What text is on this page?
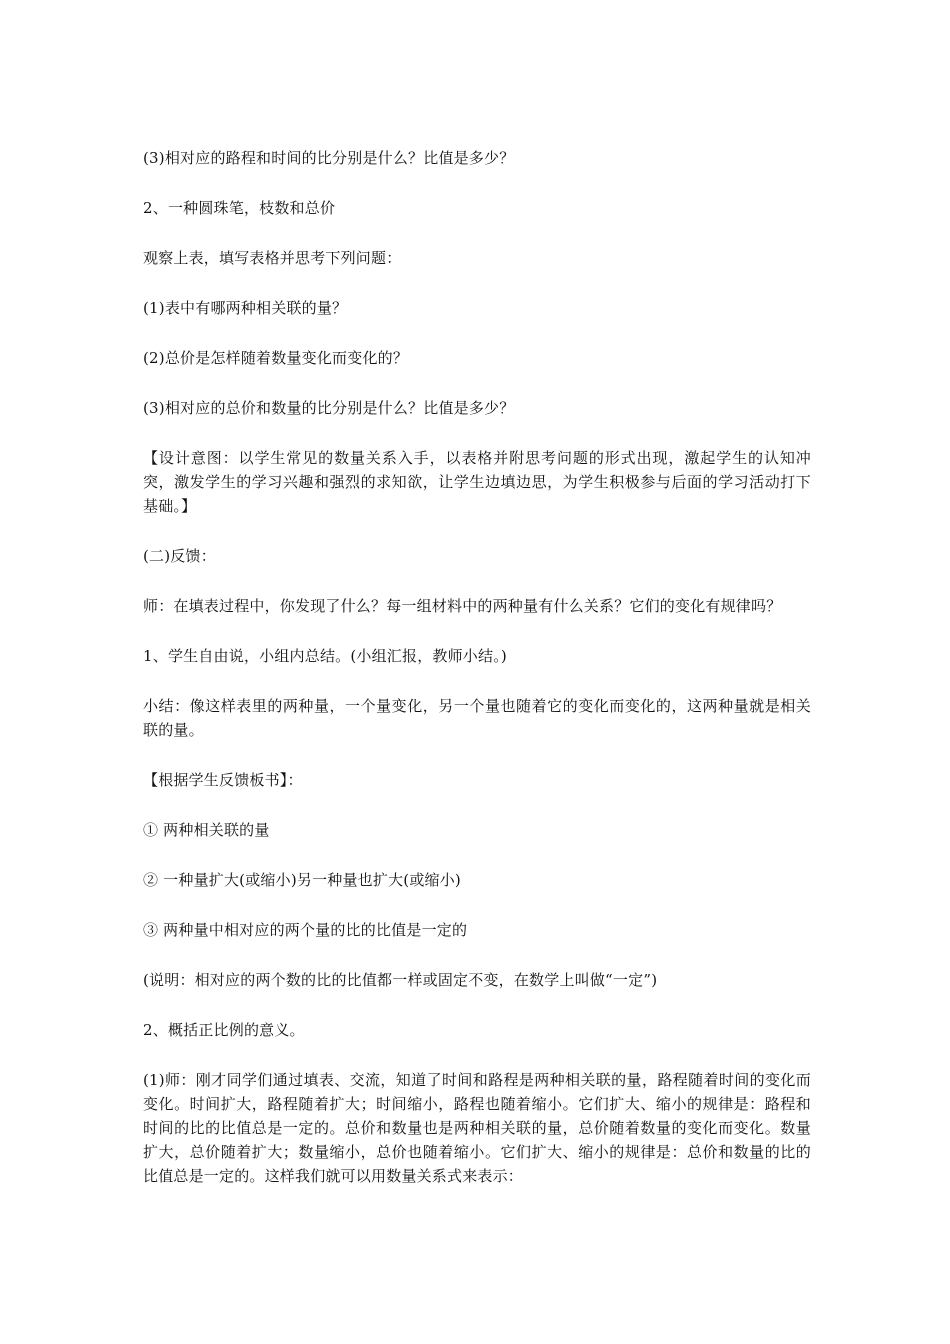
(3)相对应的路程和时间的比分别是什么？比值是多少？

2、一种圆珠笔，枝数和总价

观察上表，填写表格并思考下列问题：

(1)表中有哪两种相关联的量？

(2)总价是怎样随着数量变化而变化的？

(3)相对应的总价和数量的比分别是什么？比值是多少？

【设计意图：以学生常见的数量关系入手，以表格并附思考问题的形式出现，激起学生的认知冲突，激发学生的学习兴趣和强烈的求知欲，让学生边填边思，为学生积极参与后面的学习活动打下基础。】

(二)反馈：

师：在填表过程中，你发现了什么？每一组材料中的两种量有什么关系？它们的变化有规律吗？

1、学生自由说，小组内总结。(小组汇报，教师小结。)

小结：像这样表里的两种量，一个量变化，另一个量也随着它的变化而变化的，这两种量就是相关联的量。

【根据学生反馈板书】：

① 两种相关联的量

② 一种量扩大(或缩小)另一种量也扩大(或缩小)

③ 两种量中相对应的两个量的比的比值是一定的

(说明：相对应的两个数的比的比值都一样或固定不变，在数学上叫做“一定”)

2、概括正比例的意义。

(1)师：刚才同学们通过填表、交流，知道了时间和路程是两种相关联的量，路程随着时间的变化而变化。时间扩大，路程随着扩大；时间缩小，路程也随着缩小。它们扩大、缩小的规律是：路程和时间的比的比值总是一定的。总价和数量也是两种相关联的量，总价随着数量的变化而变化。数量扩大，总价随着扩大；数量缩小，总价也随着缩小。它们扩大、缩小的规律是：总价和数量的比的比值总是一定的。这样我们就可以用数量关系式来表示：
